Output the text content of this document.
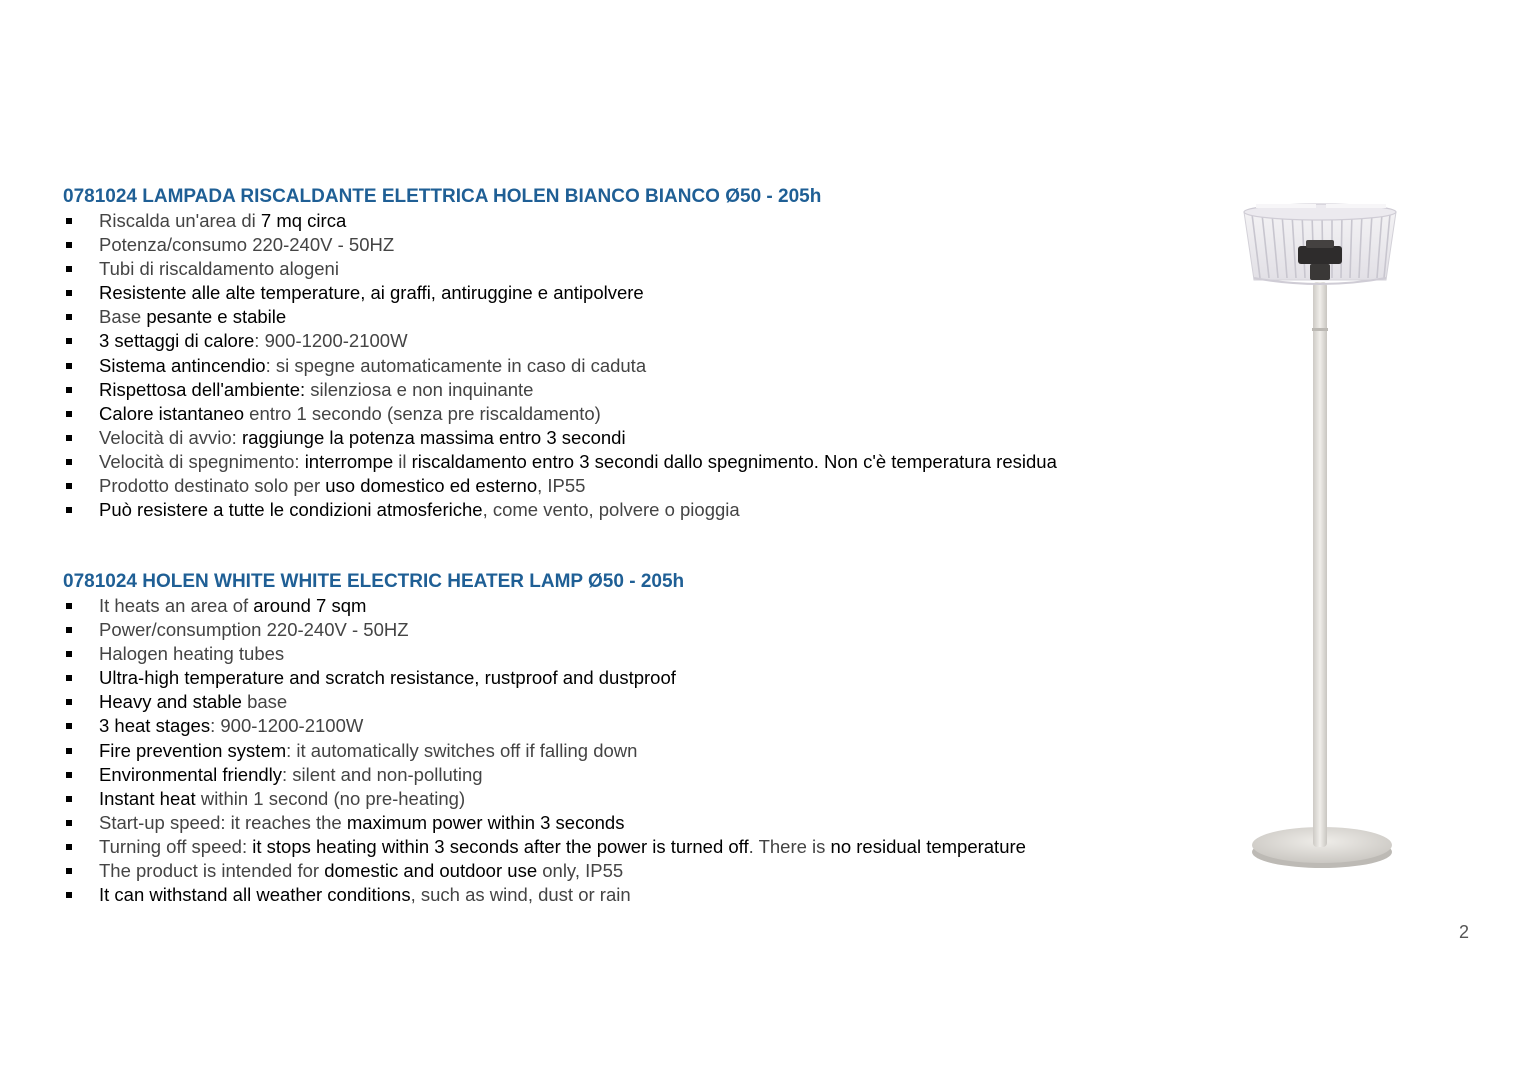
0781024 LAMPADA RISCALDANTE ELETTRICA HOLEN BIANCO BIANCO Ø50 - 205h
Riscalda un'area di 7 mq circa
Potenza/consumo 220-240V - 50HZ
Tubi di riscaldamento alogeni
Resistente alle alte temperature, ai graffi, antiruggine e antipolvere
Base pesante e stabile
3 settaggi di calore: 900-1200-2100W
Sistema antincendio: si spegne automaticamente in caso di caduta
Rispettosa dell'ambiente: silenziosa e non inquinante
Calore istantaneo entro 1 secondo (senza pre riscaldamento)
Velocità di avvio: raggiunge la potenza massima entro 3 secondi
Velocità di spegnimento: interrompe il riscaldamento entro 3 secondi dallo spegnimento. Non c'è temperatura residua
Prodotto destinato solo per uso domestico ed esterno, IP55
Può resistere a tutte le condizioni atmosferiche, come vento, polvere o pioggia
0781024 HOLEN WHITE WHITE ELECTRIC HEATER LAMP Ø50 - 205h
It heats an area of around 7 sqm
Power/consumption 220-240V - 50HZ
Halogen heating tubes
Ultra-high temperature and scratch resistance, rustproof and dustproof
Heavy and stable base
3 heat stages: 900-1200-2100W
Fire prevention system: it automatically switches off if falling down
Environmental friendly: silent and non-polluting
Instant heat within 1 second (no pre-heating)
Start-up speed: it reaches the maximum power within 3 seconds
Turning off speed: it stops heating within 3 seconds after the power is turned off. There is no residual temperature
The product is intended for domestic and outdoor use only, IP55
It can withstand all weather conditions, such as wind, dust or rain
2
